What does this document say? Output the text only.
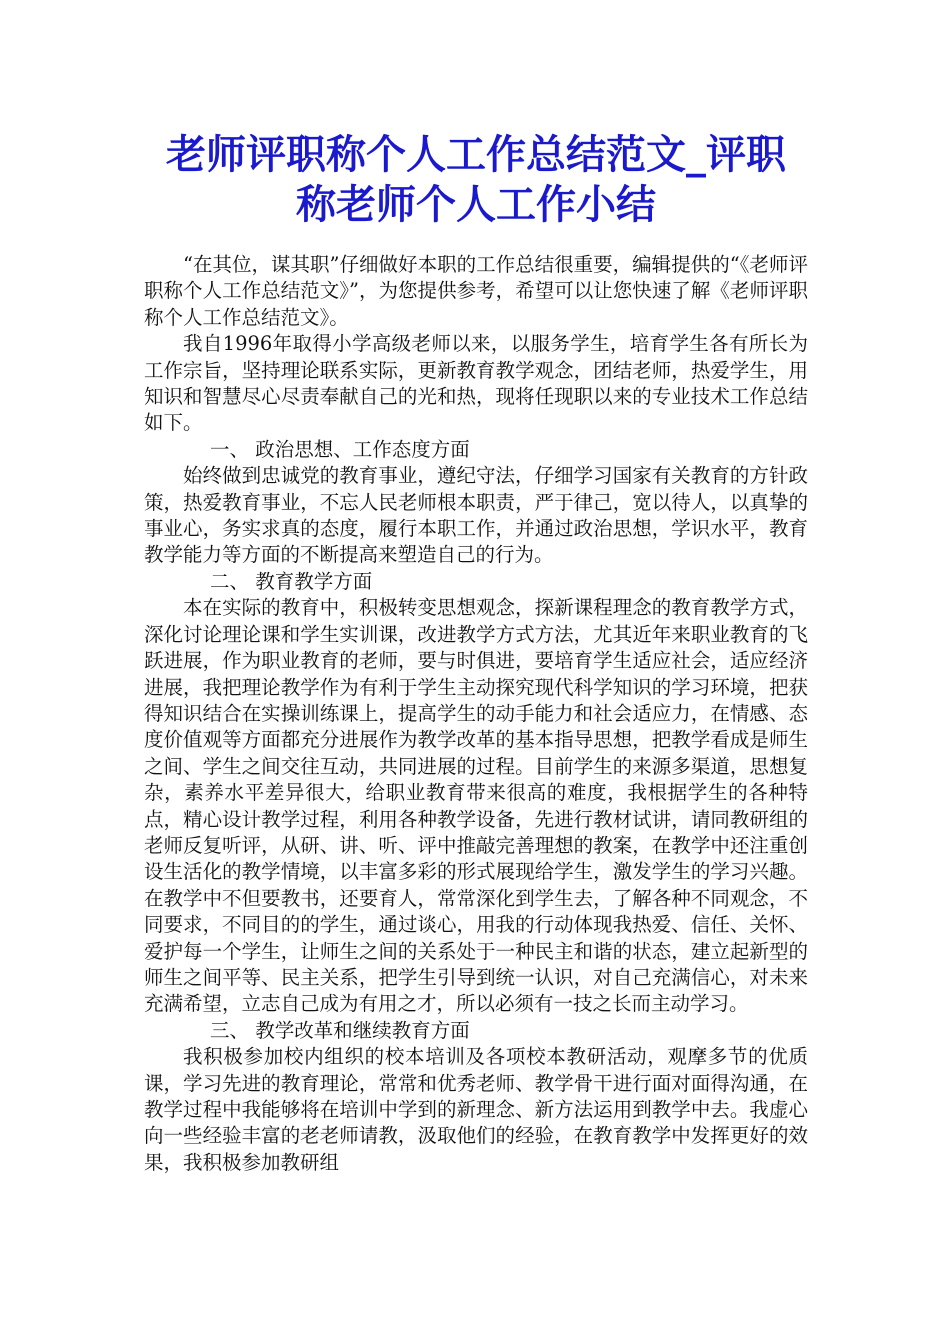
老师评职称个人工作总结范文_评职
称老师个人工作小结

“在其位，谋其职”仔细做好本职的工作总结很重要，编辑提供的“《老师评职称个人工作总结范文》”，为您提供参考，希望可以让您快速了解《老师评职称个人工作总结范文》。

我自1996年取得小学高级老师以来，以服务学生，培育学生各有所长为工作宗旨，坚持理论联系实际，更新教育教学观念，团结老师，热爱学生，用知识和智慧尽心尽责奉献自己的光和热，现将任现职以来的专业技术工作总结如下。

一、 政治思想、工作态度方面

始终做到忠诚党的教育事业，遵纪守法，仔细学习国家有关教育的方针政策，热爱教育事业，不忘人民老师根本职责，严于律己，宽以待人，以真挚的事业心，务实求真的态度，履行本职工作，并通过政治思想，学识水平，教育教学能力等方面的不断提高来塑造自己的行为。

二、 教育教学方面

本在实际的教育中，积极转变思想观念，探新课程理念的教育教学方式，深化讨论理论课和学生实训课，改进教学方式方法，尤其近年来职业教育的飞跃进展，作为职业教育的老师，要与时俱进，要培育学生适应社会，适应经济进展，我把理论教学作为有利于学生主动探究现代科学知识的学习环境，把获得知识结合在实操训练课上，提高学生的动手能力和社会适应力，在情感、态度价值观等方面都充分进展作为教学改革的基本指导思想，把教学看成是师生之间、学生之间交往互动，共同进展的过程。目前学生的来源多渠道，思想复杂，素养水平差异很大，给职业教育带来很高的难度，我根据学生的各种特点，精心设计教学过程，利用各种教学设备，先进行教材试讲，请同教研组的老师反复听评，从研、讲、听、评中推敲完善理想的教案，在教学中还注重创设生活化的教学情境，以丰富多彩的形式展现给学生，激发学生的学习兴趣。在教学中不但要教书，还要育人，常常深化到学生去，了解各种不同观念，不同要求，不同目的的学生，通过谈心，用我的行动体现我热爱、信任、关怀、爱护每一个学生，让师生之间的关系处于一种民主和谐的状态，建立起新型的师生之间平等、民主关系，把学生引导到统一认识，对自己充满信心，对未来充满希望，立志自己成为有用之才，所以必须有一技之长而主动学习。

三、 教学改革和继续教育方面

我积极参加校内组织的校本培训及各项校本教研活动，观摩多节的优质课，学习先进的教育理论，常常和优秀老师、教学骨干进行面对面得沟通，在教学过程中我能够将在培训中学到的新理念、新方法运用到教学中去。我虚心向一些经验丰富的老老师请教，汲取他们的经验，在教育教学中发挥更好的效果，我积极参加教研组
